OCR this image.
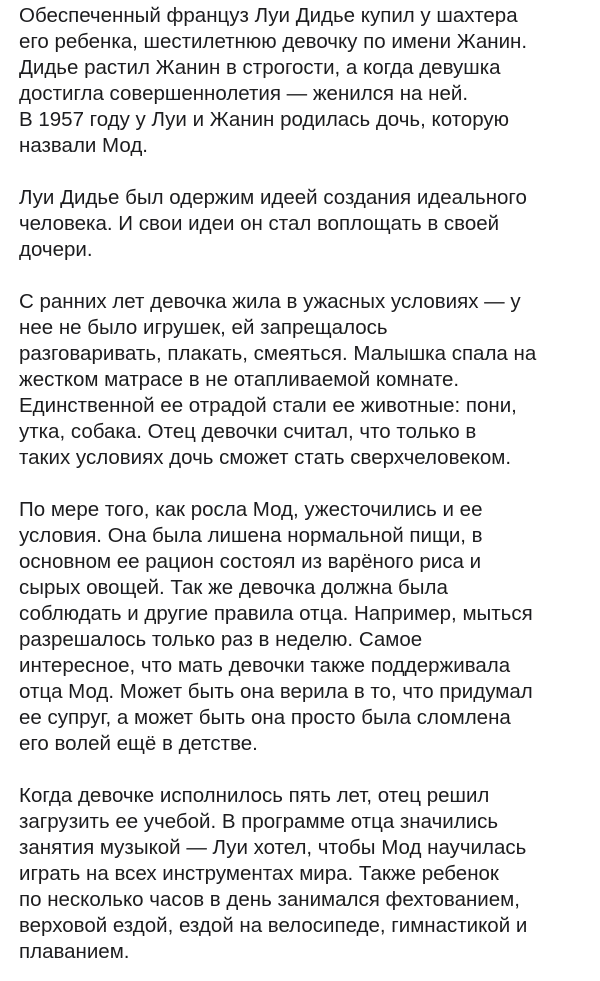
Обеспеченный француз Луи Дидье купил у шахтера
его ребенка, шестилетнюю девочку по имени Жанин.
Дидье растил Жанин в строгости, а когда девушка
достигла совершеннолетия — женился на ней.
В 1957 году у Луи и Жанин родилась дочь, которую
назвали Мод.
Луи Дидье был одержим идеей создания идеального
человека. И свои идеи он стал воплощать в своей
дочери.
С ранних лет девочка жила в ужасных условиях — у
нее не было игрушек, ей запрещалось
разговаривать, плакать, смеяться. Малышка спала на
жестком матрасе в не отапливаемой комнате.
Единственной ее отрадой стали ее животные: пони,
утка, собака. Отец девочки считал, что только в
таких условиях дочь сможет стать сверхчеловеком.
По мере того, как росла Мод, ужесточились и ее
условия. Она была лишена нормальной пищи, в
основном ее рацион состоял из варёного риса и
сырых овощей. Так же девочка должна была
соблюдать и другие правила отца. Например, мыться
разрешалось только раз в неделю. Самое
интересное, что мать девочки также поддерживала
отца Мод. Может быть она верила в то, что придумал
ее супруг, а может быть она просто была сломлена
его волей ещё в детстве.
Когда девочке исполнилось пять лет, отец решил
загрузить ее учебой. В программе отца значились
занятия музыкой — Луи хотел, чтобы Мод научилась
играть на всех инструментах мира. Также ребенок
по несколько часов в день занимался фехтованием,
верховой ездой, ездой на велосипеде, гимнастикой и
плаванием.
